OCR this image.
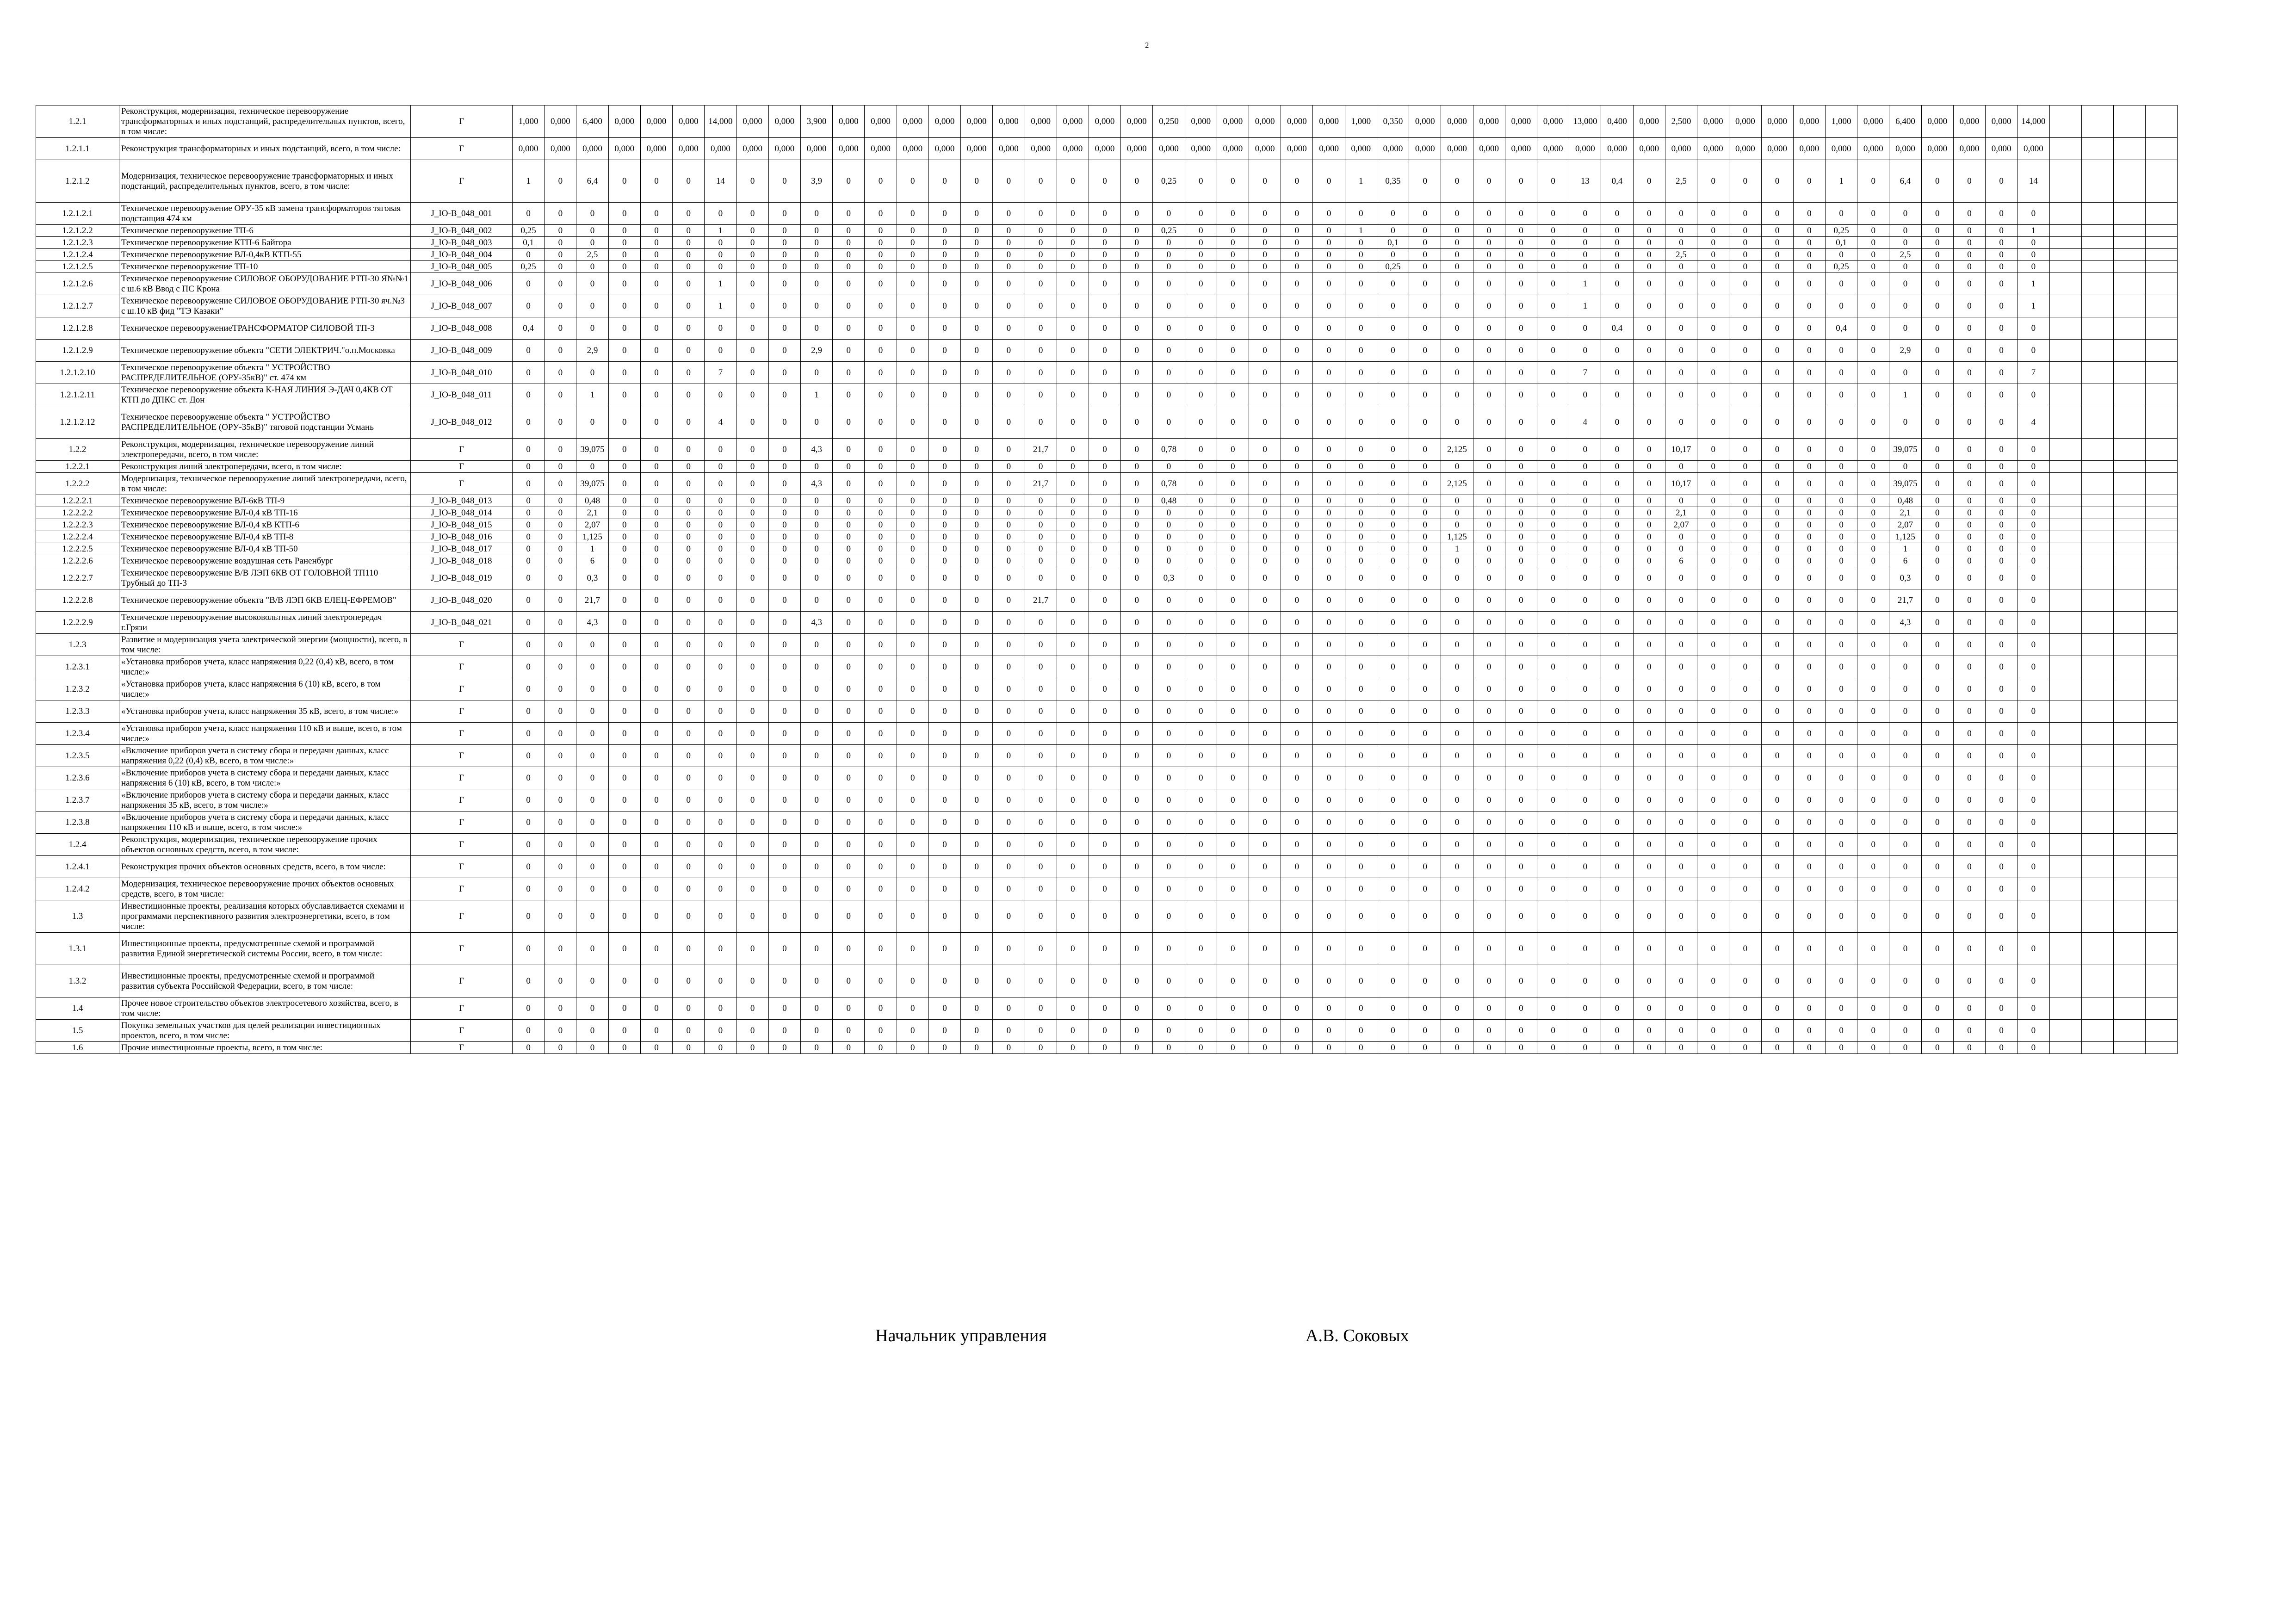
2
1.2.1	Реконструкция, модернизация, техническое перевооружение трансформаторных и иных подстанций, распределительных пунктов, всего, в том числе:	Г	1,000	0,000	6,400	0,000	0,000	0,000	14,000	0,000	0,000	3,900	0,000	0,000	0,000	0,000	0,000	0,000	0,000	0,000	0,000	0,000	0,250	0,000	0,000	0,000	0,000	0,000	1,000	0,350	0,000	0,000	0,000	0,000	0,000	13,000	0,400	0,000	2,500	0,000	0,000	0,000	0,000	1,000	0,000	6,400	0,000	0,000	0,000	14,000				
1.2.1.1	Реконструкция трансформаторных и иных подстанций, всего, в том числе:	Г	0,000	0,000	0,000	0,000	0,000	0,000	0,000	0,000	0,000	0,000	0,000	0,000	0,000	0,000	0,000	0,000	0,000	0,000	0,000	0,000	0,000	0,000	0,000	0,000	0,000	0,000	0,000	0,000	0,000	0,000	0,000	0,000	0,000	0,000	0,000	0,000	0,000	0,000	0,000	0,000	0,000	0,000	0,000	0,000	0,000	0,000	0,000	0,000				
1.2.1.2	Модернизация, техническое перевооружение трансформаторных и иных подстанций, распределительных пунктов, всего, в том числе:	Г	1	0	6,4	0	0	0	14	0	0	3,9	0	0	0	0	0	0	0	0	0	0	0,25	0	0	0	0	0	1	0,35	0	0	0	0	0	13	0,4	0	2,5	0	0	0	0	1	0	6,4	0	0	0	14				
1.2.1.2.1	Техническое перевооружение ОРУ-35 кВ замена трансформаторов тяговая подстанция 474 км	J_IO-B_048_001	0	0	0	0	0	0	0	0	0	0	0	0	0	0	0	0	0	0	0	0	0	0	0	0	0	0	0	0	0	0	0	0	0	0	0	0	0	0	0	0	0	0	0	0	0	0	0	0				
1.2.1.2.2	Техническое перевооружение ТП-6	J_IO-B_048_002	0,25	0	0	0	0	0	1	0	0	0	0	0	0	0	0	0	0	0	0	0	0,25	0	0	0	0	0	1	0	0	0	0	0	0	0	0	0	0	0	0	0	0	0,25	0	0	0	0	0	1				
1.2.1.2.3	Техническое перевооружение КТП-6 Байгора	J_IO-B_048_003	0,1	0	0	0	0	0	0	0	0	0	0	0	0	0	0	0	0	0	0	0	0	0	0	0	0	0	0	0,1	0	0	0	0	0	0	0	0	0	0	0	0	0	0,1	0	0	0	0	0	0				
1.2.1.2.4	Техническое перевооружение ВЛ-0,4кВ КТП-55	J_IO-B_048_004	0	0	2,5	0	0	0	0	0	0	0	0	0	0	0	0	0	0	0	0	0	0	0	0	0	0	0	0	0	0	0	0	0	0	0	0	0	2,5	0	0	0	0	0	0	2,5	0	0	0	0				
1.2.1.2.5	Техническое перевооружение ТП-10	J_IO-B_048_005	0,25	0	0	0	0	0	0	0	0	0	0	0	0	0	0	0	0	0	0	0	0	0	0	0	0	0	0	0,25	0	0	0	0	0	0	0	0	0	0	0	0	0	0,25	0	0	0	0	0	0				
1.2.1.2.6	Техническое перевооружение СИЛОВОЕ ОБОРУДОВАНИЕ РТП-30 Я№№1 с ш.6 кВ Ввод с ПС Крона	J_IO-B_048_006	0	0	0	0	0	0	1	0	0	0	0	0	0	0	0	0	0	0	0	0	0	0	0	0	0	0	0	0	0	0	0	0	0	1	0	0	0	0	0	0	0	0	0	0	0	0	0	1				
1.2.1.2.7	Техническое перевооружение СИЛОВОЕ ОБОРУДОВАНИЕ РТП-30 яч.№3 с ш.10 кВ фид "ТЭ Казаки"	J_IO-B_048_007	0	0	0	0	0	0	1	0	0	0	0	0	0	0	0	0	0	0	0	0	0	0	0	0	0	0	0	0	0	0	0	0	0	1	0	0	0	0	0	0	0	0	0	0	0	0	0	1				
1.2.1.2.8	Техническое перевооружениеТРАНСФОРМАТОР СИЛОВОЙ ТП-3	J_IO-B_048_008	0,4	0	0	0	0	0	0	0	0	0	0	0	0	0	0	0	0	0	0	0	0	0	0	0	0	0	0	0	0	0	0	0	0	0	0,4	0	0	0	0	0	0	0,4	0	0	0	0	0	0				
1.2.1.2.9	Техническое перевооружение объекта "СЕТИ ЭЛЕКТРИЧ."о.п.Московка	J_IO-B_048_009	0	0	2,9	0	0	0	0	0	0	2,9	0	0	0	0	0	0	0	0	0	0	0	0	0	0	0	0	0	0	0	0	0	0	0	0	0	0	0	0	0	0	0	0	0	2,9	0	0	0	0				
1.2.1.2.10	Техническое перевооружение объекта " УСТРОЙСТВО РАСПРЕДЕЛИТЕЛЬНОЕ (ОРУ-35кВ)" ст. 474 км	J_IO-B_048_010	0	0	0	0	0	0	7	0	0	0	0	0	0	0	0	0	0	0	0	0	0	0	0	0	0	0	0	0	0	0	0	0	0	7	0	0	0	0	0	0	0	0	0	0	0	0	0	7				
1.2.1.2.11	Техническое перевооружение объекта К-НАЯ ЛИНИЯ Э-ДАЧ 0,4КВ ОТ КТП до ДПКС ст. Дон	J_IO-B_048_011	0	0	1	0	0	0	0	0	0	1	0	0	0	0	0	0	0	0	0	0	0	0	0	0	0	0	0	0	0	0	0	0	0	0	0	0	0	0	0	0	0	0	0	1	0	0	0	0				
1.2.1.2.12	Техническое перевооружение объекта " УСТРОЙСТВО РАСПРЕДЕЛИТЕЛЬНОЕ (ОРУ-35кВ)" тяговой подстанции Усмань	J_IO-B_048_012	0	0	0	0	0	0	4	0	0	0	0	0	0	0	0	0	0	0	0	0	0	0	0	0	0	0	0	0	0	0	0	0	0	4	0	0	0	0	0	0	0	0	0	0	0	0	0	4				
1.2.2	Реконструкция, модернизация, техническое перевооружение линий электропередачи, всего, в том числе:	Г	0	0	39,075	0	0	0	0	0	0	4,3	0	0	0	0	0	0	21,7	0	0	0	0,78	0	0	0	0	0	0	0	0	2,125	0	0	0	0	0	0	10,17	0	0	0	0	0	0	39,075	0	0	0	0				
1.2.2.1	Реконструкция линий электропередачи, всего, в том числе:	Г	0	0	0	0	0	0	0	0	0	0	0	0	0	0	0	0	0	0	0	0	0	0	0	0	0	0	0	0	0	0	0	0	0	0	0	0	0	0	0	0	0	0	0	0	0	0	0	0				
1.2.2.2	Модернизация, техническое перевооружение линий электропередачи, всего, в том числе:	Г	0	0	39,075	0	0	0	0	0	0	4,3	0	0	0	0	0	0	21,7	0	0	0	0,78	0	0	0	0	0	0	0	0	2,125	0	0	0	0	0	0	10,17	0	0	0	0	0	0	39,075	0	0	0	0				
1.2.2.2.1	Техническое перевооружение ВЛ-6кВ ТП-9	J_IO-B_048_013	0	0	0,48	0	0	0	0	0	0	0	0	0	0	0	0	0	0	0	0	0	0,48	0	0	0	0	0	0	0	0	0	0	0	0	0	0	0	0	0	0	0	0	0	0	0,48	0	0	0	0				
1.2.2.2.2	Техническое перевооружение ВЛ-0,4 кВ ТП-16	J_IO-B_048_014	0	0	2,1	0	0	0	0	0	0	0	0	0	0	0	0	0	0	0	0	0	0	0	0	0	0	0	0	0	0	0	0	0	0	0	0	0	2,1	0	0	0	0	0	0	2,1	0	0	0	0				
1.2.2.2.3	Техническое перевооружение ВЛ-0,4 кВ КТП-6	J_IO-B_048_015	0	0	2,07	0	0	0	0	0	0	0	0	0	0	0	0	0	0	0	0	0	0	0	0	0	0	0	0	0	0	0	0	0	0	0	0	0	2,07	0	0	0	0	0	0	2,07	0	0	0	0				
1.2.2.2.4	Техническое перевооружение ВЛ-0,4 кВ ТП-8	J_IO-B_048_016	0	0	1,125	0	0	0	0	0	0	0	0	0	0	0	0	0	0	0	0	0	0	0	0	0	0	0	0	0	0	1,125	0	0	0	0	0	0	0	0	0	0	0	0	0	1,125	0	0	0	0				
1.2.2.2.5	Техническое перевооружение ВЛ-0,4 кВ ТП-50	J_IO-B_048_017	0	0	1	0	0	0	0	0	0	0	0	0	0	0	0	0	0	0	0	0	0	0	0	0	0	0	0	0	0	1	0	0	0	0	0	0	0	0	0	0	0	0	0	1	0	0	0	0				
1.2.2.2.6	Техническое перевооружение воздушная сеть Раненбург	J_IO-B_048_018	0	0	6	0	0	0	0	0	0	0	0	0	0	0	0	0	0	0	0	0	0	0	0	0	0	0	0	0	0	0	0	0	0	0	0	0	6	0	0	0	0	0	0	6	0	0	0	0				
1.2.2.2.7	Техническое перевооружение В/В ЛЭП 6КВ ОТ ГОЛОВНОЙ ТП110 Трубный до ТП-3	J_IO-B_048_019	0	0	0,3	0	0	0	0	0	0	0	0	0	0	0	0	0	0	0	0	0	0,3	0	0	0	0	0	0	0	0	0	0	0	0	0	0	0	0	0	0	0	0	0	0	0,3	0	0	0	0				
1.2.2.2.8	Техническое перевооружение объекта "В/В ЛЭП 6КВ ЕЛЕЦ-ЕФРЕМОВ"	J_IO-B_048_020	0	0	21,7	0	0	0	0	0	0	0	0	0	0	0	0	0	21,7	0	0	0	0	0	0	0	0	0	0	0	0	0	0	0	0	0	0	0	0	0	0	0	0	0	0	21,7	0	0	0	0				
1.2.2.2.9	Техническое перевооружение высоковольтных линий электропередач г.Грязи	J_IO-B_048_021	0	0	4,3	0	0	0	0	0	0	4,3	0	0	0	0	0	0	0	0	0	0	0	0	0	0	0	0	0	0	0	0	0	0	0	0	0	0	0	0	0	0	0	0	0	4,3	0	0	0	0				
1.2.3	Развитие и модернизация учета электрической энергии (мощности), всего, в том числе:	Г	0	0	0	0	0	0	0	0	0	0	0	0	0	0	0	0	0	0	0	0	0	0	0	0	0	0	0	0	0	0	0	0	0	0	0	0	0	0	0	0	0	0	0	0	0	0	0	0				
1.2.3.1	«Установка приборов учета, класс напряжения 0,22 (0,4) кВ, всего, в том числе:»	Г	0	0	0	0	0	0	0	0	0	0	0	0	0	0	0	0	0	0	0	0	0	0	0	0	0	0	0	0	0	0	0	0	0	0	0	0	0	0	0	0	0	0	0	0	0	0	0	0				
1.2.3.2	«Установка приборов учета, класс напряжения 6 (10) кВ, всего, в том числе:»	Г	0	0	0	0	0	0	0	0	0	0	0	0	0	0	0	0	0	0	0	0	0	0	0	0	0	0	0	0	0	0	0	0	0	0	0	0	0	0	0	0	0	0	0	0	0	0	0	0				
1.2.3.3	«Установка приборов учета, класс напряжения 35 кВ, всего, в том числе:»	Г	0	0	0	0	0	0	0	0	0	0	0	0	0	0	0	0	0	0	0	0	0	0	0	0	0	0	0	0	0	0	0	0	0	0	0	0	0	0	0	0	0	0	0	0	0	0	0	0				
1.2.3.4	«Установка приборов учета, класс напряжения 110 кВ и выше, всего, в том числе:»	Г	0	0	0	0	0	0	0	0	0	0	0	0	0	0	0	0	0	0	0	0	0	0	0	0	0	0	0	0	0	0	0	0	0	0	0	0	0	0	0	0	0	0	0	0	0	0	0	0				
1.2.3.5	«Включение приборов учета в систему сбора и передачи данных, класс напряжения 0,22 (0,4) кВ, всего, в том числе:»	Г	0	0	0	0	0	0	0	0	0	0	0	0	0	0	0	0	0	0	0	0	0	0	0	0	0	0	0	0	0	0	0	0	0	0	0	0	0	0	0	0	0	0	0	0	0	0	0	0				
1.2.3.6	«Включение приборов учета в систему сбора и передачи данных, класс напряжения 6 (10) кВ, всего, в том числе:»	Г	0	0	0	0	0	0	0	0	0	0	0	0	0	0	0	0	0	0	0	0	0	0	0	0	0	0	0	0	0	0	0	0	0	0	0	0	0	0	0	0	0	0	0	0	0	0	0	0				
1.2.3.7	«Включение приборов учета в систему сбора и передачи данных, класс напряжения 35 кВ, всего, в том числе:»	Г	0	0	0	0	0	0	0	0	0	0	0	0	0	0	0	0	0	0	0	0	0	0	0	0	0	0	0	0	0	0	0	0	0	0	0	0	0	0	0	0	0	0	0	0	0	0	0	0				
1.2.3.8	«Включение приборов учета в систему сбора и передачи данных, класс напряжения 110 кВ и выше, всего, в том числе:»	Г	0	0	0	0	0	0	0	0	0	0	0	0	0	0	0	0	0	0	0	0	0	0	0	0	0	0	0	0	0	0	0	0	0	0	0	0	0	0	0	0	0	0	0	0	0	0	0	0				
1.2.4	Реконструкция, модернизация, техническое перевооружение прочих объектов основных средств, всего, в том числе:	Г	0	0	0	0	0	0	0	0	0	0	0	0	0	0	0	0	0	0	0	0	0	0	0	0	0	0	0	0	0	0	0	0	0	0	0	0	0	0	0	0	0	0	0	0	0	0	0	0				
1.2.4.1	Реконструкция прочих объектов основных средств, всего, в том числе:	Г	0	0	0	0	0	0	0	0	0	0	0	0	0	0	0	0	0	0	0	0	0	0	0	0	0	0	0	0	0	0	0	0	0	0	0	0	0	0	0	0	0	0	0	0	0	0	0	0				
1.2.4.2	Модернизация, техническое перевооружение прочих объектов основных средств, всего, в том числе:	Г	0	0	0	0	0	0	0	0	0	0	0	0	0	0	0	0	0	0	0	0	0	0	0	0	0	0	0	0	0	0	0	0	0	0	0	0	0	0	0	0	0	0	0	0	0	0	0	0				
1.3	Инвестиционные проекты, реализация которых обуславливается схемами и программами перспективного развития электроэнергетики, всего, в том числе:	Г	0	0	0	0	0	0	0	0	0	0	0	0	0	0	0	0	0	0	0	0	0	0	0	0	0	0	0	0	0	0	0	0	0	0	0	0	0	0	0	0	0	0	0	0	0	0	0	0				
1.3.1	Инвестиционные проекты, предусмотренные схемой и программой развития Единой энергетической системы России, всего, в том числе:	Г	0	0	0	0	0	0	0	0	0	0	0	0	0	0	0	0	0	0	0	0	0	0	0	0	0	0	0	0	0	0	0	0	0	0	0	0	0	0	0	0	0	0	0	0	0	0	0	0				
1.3.2	Инвестиционные проекты, предусмотренные схемой и программой развития субъекта Российской Федерации, всего, в том числе:	Г	0	0	0	0	0	0	0	0	0	0	0	0	0	0	0	0	0	0	0	0	0	0	0	0	0	0	0	0	0	0	0	0	0	0	0	0	0	0	0	0	0	0	0	0	0	0	0	0				
1.4	Прочее новое строительство объектов электросетевого хозяйства, всего, в том числе:	Г	0	0	0	0	0	0	0	0	0	0	0	0	0	0	0	0	0	0	0	0	0	0	0	0	0	0	0	0	0	0	0	0	0	0	0	0	0	0	0	0	0	0	0	0	0	0	0	0				
1.5	Покупка земельных участков для целей реализации инвестиционных проектов, всего, в том числе:	Г	0	0	0	0	0	0	0	0	0	0	0	0	0	0	0	0	0	0	0	0	0	0	0	0	0	0	0	0	0	0	0	0	0	0	0	0	0	0	0	0	0	0	0	0	0	0	0	0				
1.6	Прочие инвестиционные проекты, всего, в том числе:	Г	0	0	0	0	0	0	0	0	0	0	0	0	0	0	0	0	0	0	0	0	0	0	0	0	0	0	0	0	0	0	0	0	0	0	0	0	0	0	0	0	0	0	0	0	0	0	0	0				
Начальник управления	А.В. Соковых
